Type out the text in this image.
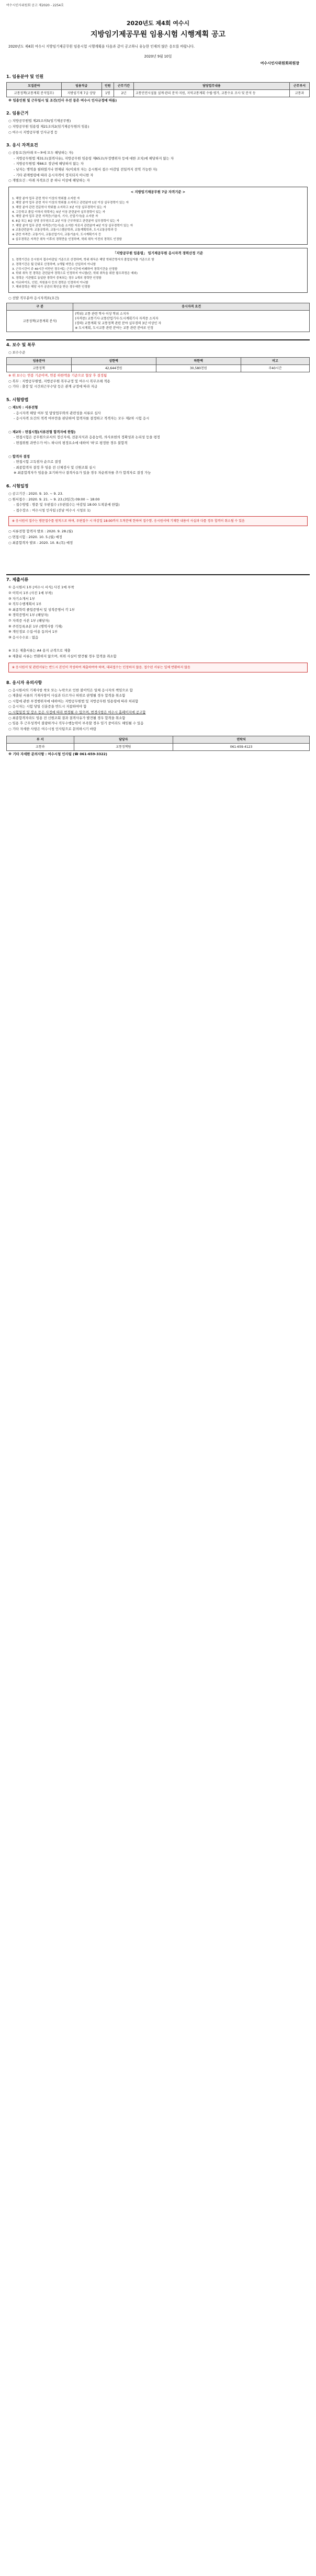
여수시인사위원회 공고 제2020 - 2254호
2020년도 제4회 여수시
지방임기제공무원 임용시험 시행계획 공고
2020년도 제4회 여수시 지방임기제공무원 임용시험 시행계획을 다음과 같이 공고하니 유능한 인재의 많은 응모를 바랍니다.
2020년 9월 10일
여수시인사위원회위원장
1. 임용분야 및 인원
모집분야	임용직급	인원	근무기간	담당업무내용	근무부서
교통정책(교통계획 분석업무)	지방임기제 7급 상당	1명	2년	교통안전시설물 설계·관리 분석·지원, 지역교통계획 수립·평가, 교통수요 조사 및 분석 등	교통과
※ 임용인원 및 근무일시 및 조건(인사 우선 등은 여수시 인사규정에 따름)
2. 임용근거
○ 지방공무원법 제25조의5(임기제공무원)
○ 지방공무원 임용령 제21조의2(임기제공무원의 임용)
○ 여수시 지방공무원 인사규정 등
3. 응시 자격요건
○ 공통요건(아래 ①~③에 모두 해당하는 자)
- 지방공무원법 제31조(결격사유), 지방공무원 임용령 제65조(부정행위자 등에 대한 조치)에 해당하지 않는 자
- 지방공무원법 제66조 정년에 해당하지 않는 자
- 남자는 병역을 필하였거나 면제된 자(이외의 자는 응시원서 접수 마감일 전일까지 전역 가능한 자)
- 기타 관계법령에 따라 응시자격이 정지되지 아니한 자
○ 개별요건 : 아래 자격요건 중 하나 이상에 해당하는 자
< 지방임기제공무원 7급 자격기준 >
1. 해당 분야 업무 관련 학사 이상의 학위를 소지한 자
2. 해당 분야 업무 관련 석사 이상의 학위를 소지하고 관련분야 1년 이상 실무경력이 있는 자
3. 해당 분야 관련 전문학사 학위를 소지하고 3년 이상 실무경력이 있는 자
4. 고등학교 졸업 이하의 학력자는 5년 이상 관련분야 실무경력이 있는 자
5. 해당 분야 업무 관련 자격증(기술사, 기사, 산업기사)을 소지한 자
6. 8급 또는 8급 상당 공무원으로 2년 이상 근무하였고 관련분야 실무경력이 있는 자
7. 해당 분야 업무 관련 자격증(기능사)을 소지한 자로서 관련분야 4년 이상 실무경력이 있는 자
※ 교통관련분야: 교통공학과, 교통시스템공학과, 교통계획학과, 도시교통공학과 등
※ 관련 자격증: 교통기사, 교통산업기사, 교통기술사, 도시계획기사 등
※ 실무경력은 자격증 취득 이후의 경력만을 인정하며, 학위 취득 이전의 경력도 인정함
「지방공무원 임용령」 임기제공무원 응시자격 경력산정 기준
1. 경력기간은 응시원서 접수마감일 기준으로 산정하며, 학위 취득은 해당 학위증명서의 졸업일자를 기준으로 함
2. 경력기간은 월 단위로 산정하며, 1개월 미만은 산입하지 아니함
3. 근무시간이 주 40시간 미만인 경우에는 근무시간에 비례하여 경력기간을 산정함
4. 학위 취득 전 경력은 관련분야 경력으로 인정하지 아니함(단, 학위 취득을 위한 필수과정은 예외)
5. 경력은 기관별로 동일한 경력이 중복되는 경우 1개의 경력만 인정함
6. 아르바이트, 인턴, 자원봉사 등의 경력은 인정하지 아니함
7. 해외경력은 해당 국가 공관의 확인을 받은 경우에만 인정함
○ 선발 직무분야 응시자격표(요건)
구 분	응시자격 요건
교통정책(교통계획 분석)	(학위) 교통 관련 학사 이상 학위 소지자
(자격증) 교통기사·교통산업기사·도시계획기사 자격증 소지자
(경력) 교통계획 및 교통정책 관련 분야 실무경력 3년 이상인 자
※ 도시계획, 도시교통 관련 분야는 교통 관련 분야로 인정
4. 보수 및 복무
○ 보수수준
임용분야	상한액	하한액	비고
교통정책	42,644천원	30,580천원	주40시간
※ 위 보수는 연봉 기준이며, 연봉 하한액을 기준으로 협상 후 결정됨
○ 복무 : 지방공무원법, 지방공무원 복무규정 및 여수시 복무조례 적용
○ 기타 : 출장 및 시간외근무수당 등은 관계 규정에 따라 지급
5. 시험방법
○ 제1차 : 서류전형
- 응시자격 해당 여부 및 담당업무와의 관련성을 서류로 심사
- 응시자격 요건의 적격 여부만을 판단하여 합격자를 결정하고 적격자는 모두 제2차 시험 응시
○ 제2차 : 면접시험(서류전형 합격자에 한함)
- 면접시험은 공무원으로서의 정신자세, 전문지식과 응용능력, 의사표현의 정확성과 논리성 등을 평정
- 면접위원 과반수가 어느 하나의 평정요소에 대하여 '하'로 평정한 경우 불합격
○ 합격자 결정
- 면접시험 고득점자 순으로 결정
- 최종합격자 결정 후 임용 전 신체검사 및 신원조회 실시
※ 최종합격자가 임용을 포기하거나 결격사유가 있을 경우 차순위자를 추가 합격자로 결정 가능
6. 시험일정
○ 공고기간 : 2020. 9. 10. ~ 9. 23.
○ 원서접수 : 2020. 9. 21. ~ 9. 23.(3일간) 09:00 ~ 18:00
- 접수방법 : 방문 및 우편접수 (우편접수는 마감일 18:00 도착분에 한함)
- 접수장소 : 여수시청 인사팀 (전남 여수시 시청로 1)
※ 응시원서 접수는 방문접수를 원칙으로 하며, 우편접수 시 마감일 18:00까지 도착분에 한하여 접수함. 응시원서에 기재한 내용이 사실과 다를 경우 합격이 취소될 수 있음
○ 서류전형 합격자 발표 : 2020. 9. 28.(월)
○ 면접시험 : 2020. 10. 5.(월) 예정
○ 최종합격자 발표 : 2020. 10. 8.(목) 예정
7. 제출서류
① 응시원서 1부 [여수시 서식] 사진 1매 부착
② 이력서 1부 (사진 1매 부착)
③ 자기소개서 1부
④ 직무수행계획서 1부
⑤ 최종학력 졸업증명서 및 성적증명서 각 1부
⑥ 경력증명서 1부 (해당자)
⑦ 자격증 사본 1부 (해당자)
⑧ 주민등록초본 1부 (병역사항 기재)
⑨ 개인정보 수집·이용 동의서 1부
⑩ 응시수수료 : 없음
※ 모든 제출서류는 A4 용지 규격으로 제출
※ 제출된 서류는 반환하지 않으며, 허위 사실이 발견될 경우 합격을 취소함
※ 응시원서 및 관련서류는 반드시 본인이 작성하여 제출하여야 하며, 대리접수는 인정하지 않음. 접수된 서류는 일체 반환하지 않음
8. 응시자 유의사항
○ 응시원서의 기재사항 착오 또는 누락으로 인한 불이익은 일체 응시자의 책임으로 함
○ 제출된 서류의 기재사항이 사실과 다르거나 허위로 판명될 경우 합격을 취소함
○ 시험에 관한 부정행위자에 대하여는 지방공무원법 및 지방공무원 임용령에 따라 처리함
○ 응시자는 시험 당일 신분증을 반드시 지참하여야 함
○ 시험일정 및 장소 등은 사정에 따라 변경될 수 있으며, 변경사항은 여수시 홈페이지에 공고함
○ 최종합격자라도 임용 전 신원조회 결과 결격사유가 발견될 경우 합격을 취소함
○ 임용 후 근무성적이 불량하거나 직무수행능력이 부족할 경우 임기 중이라도 해임될 수 있음
○ 기타 자세한 사항은 여수시청 인사팀으로 문의하시기 바람
부 서	담당자	연락처
교통과	교통정책팀	061-659-4123
※ 기타 자세한 문의사항 : 여수시청 인사팀 (☎ 061-659-3322)
